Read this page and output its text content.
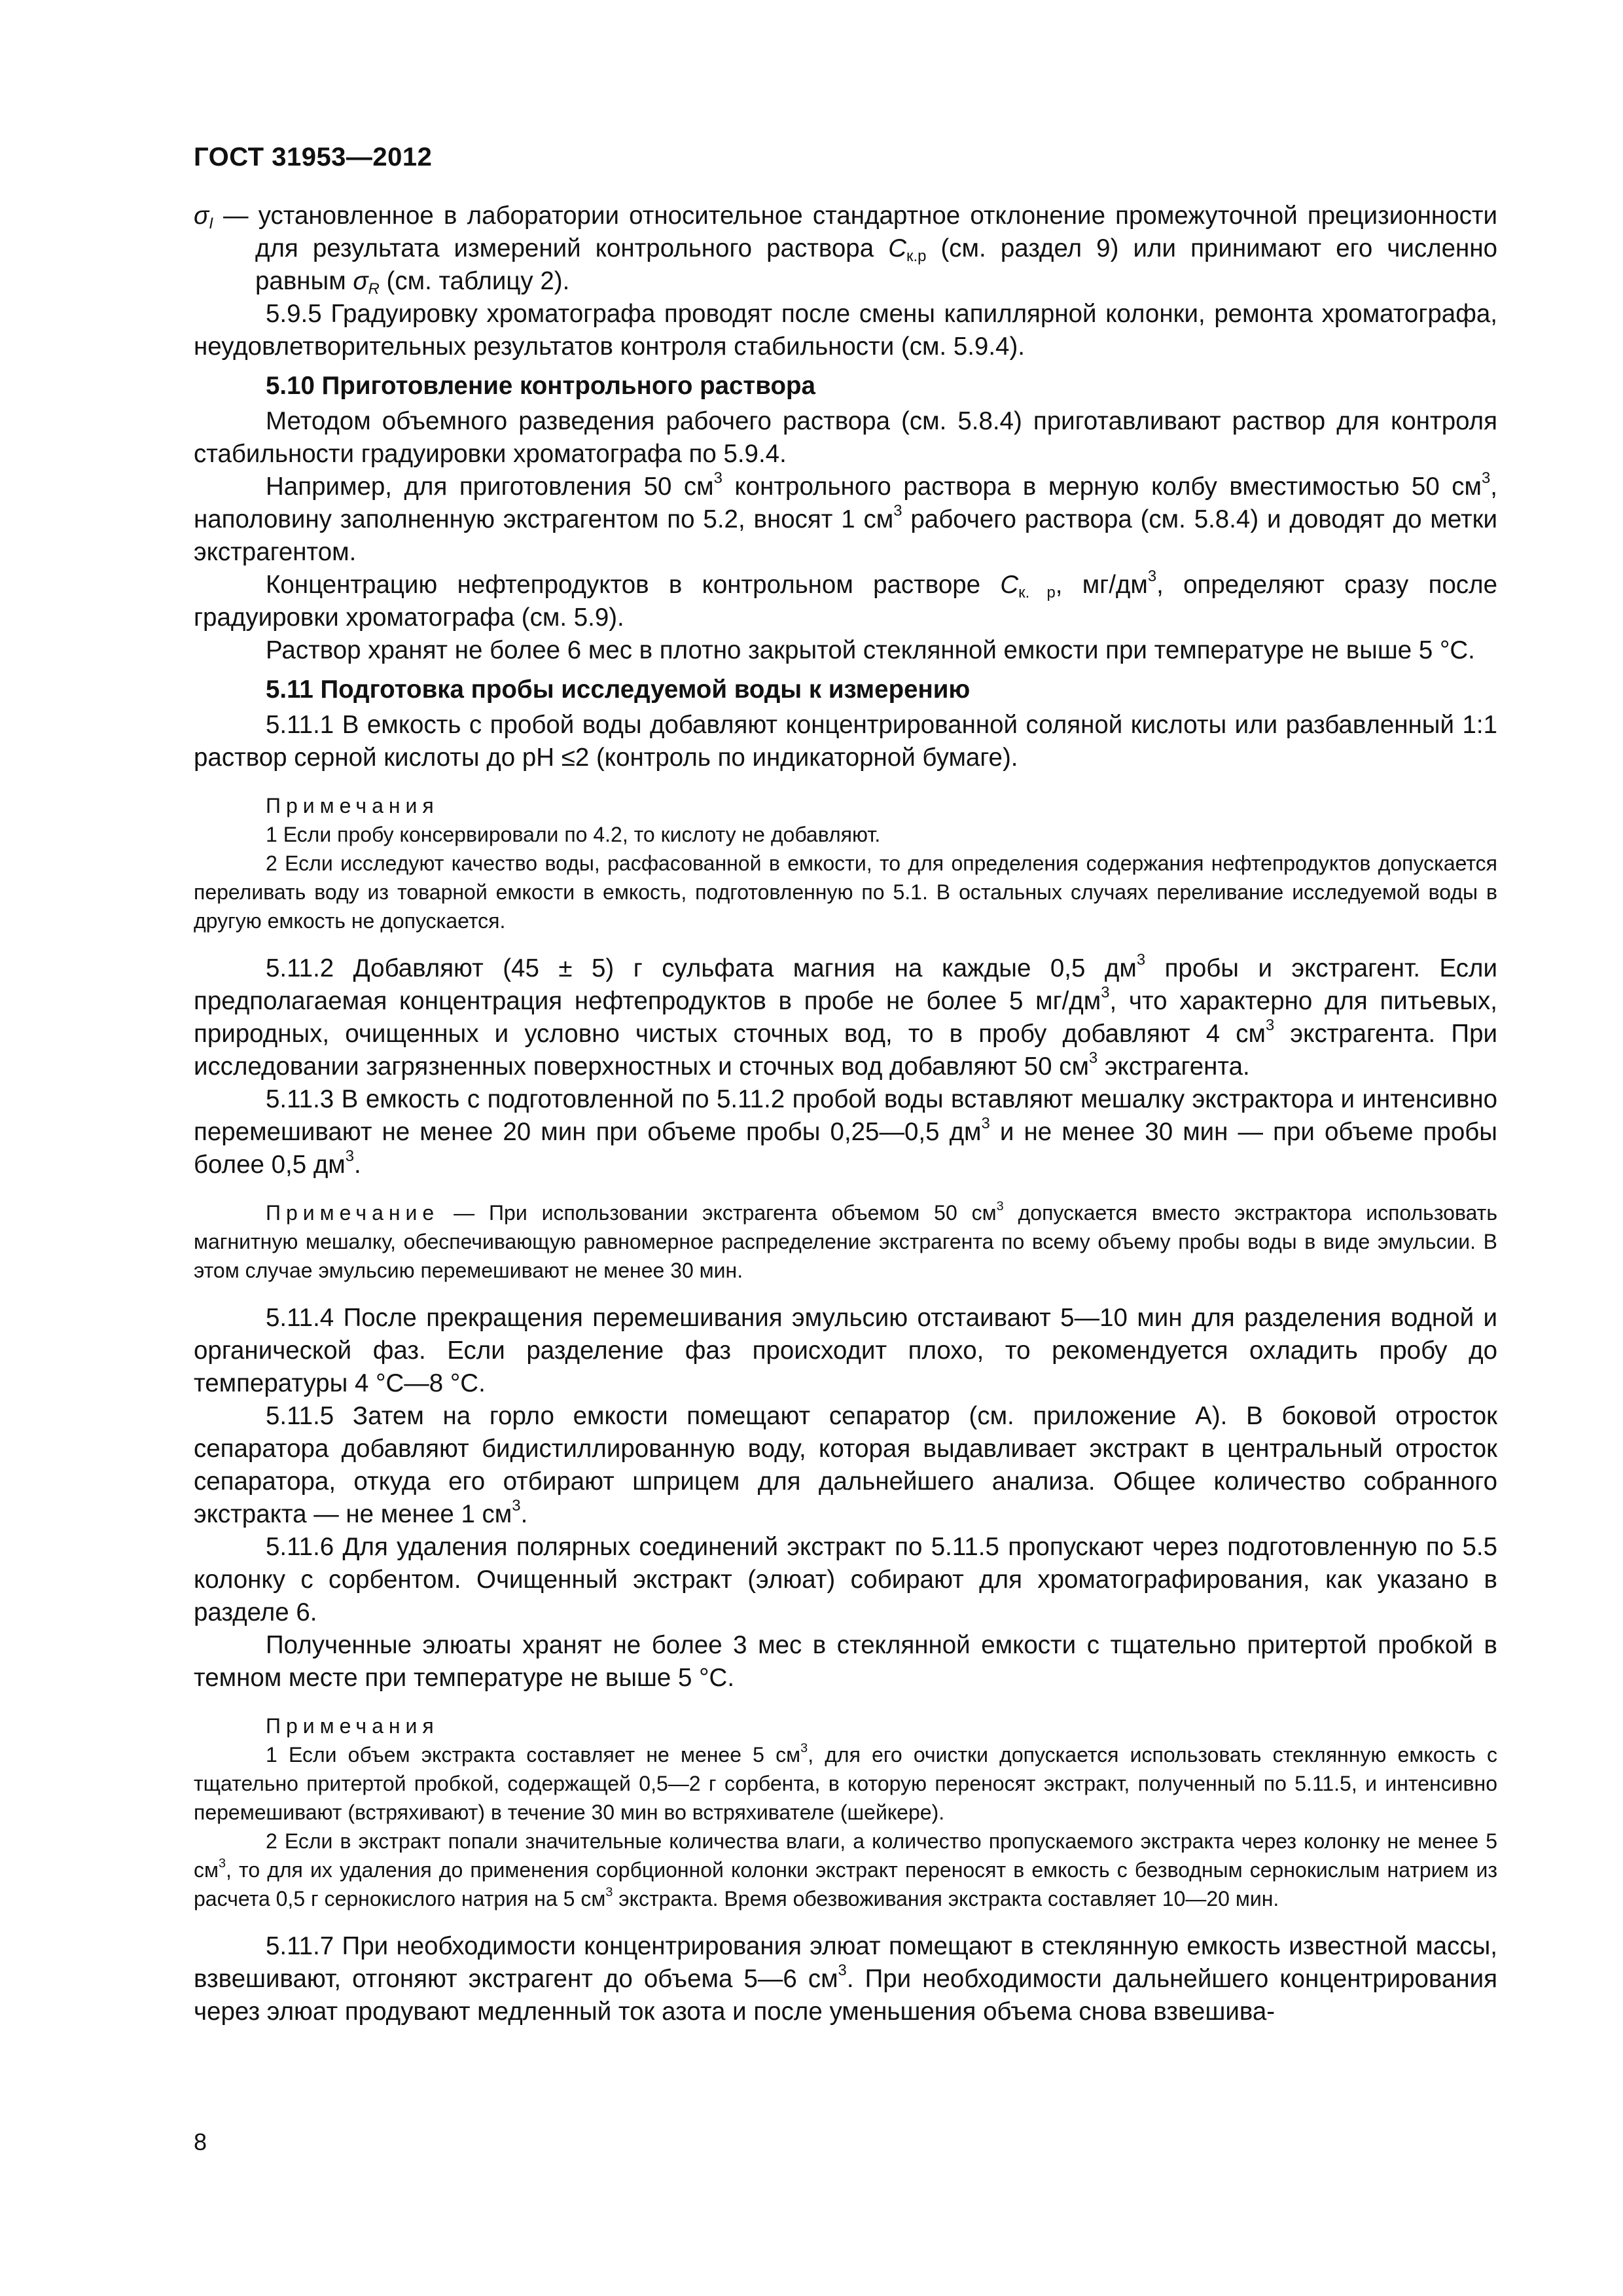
ГОСТ 31953—2012

$\sigma_I$ — установленное в лаборатории относительное стандартное отклонение промежуточной прецизионности для результата измерений контрольного раствора $С_{к.р}$ (см. раздел 9) или принимают его численно равным $\sigma_R$ (см. таблицу 2).

5.9.5 Градуировку хроматографа проводят после смены капиллярной колонки, ремонта хроматографа, неудовлетворительных результатов контроля стабильности (см. 5.9.4).

5.10 Приготовление контрольного раствора

Методом объемного разведения рабочего раствора (см. 5.8.4) приготавливают раствор для контроля стабильности градуировки хроматографа по 5.9.4.

Например, для приготовления 50 $см^3$ контрольного раствора в мерную колбу вместимостью 50 $см^3$, наполовину заполненную экстрагентом по 5.2, вносят 1 $см^3$ рабочего раствора (см. 5.8.4) и доводят до метки экстрагентом.

Концентрацию нефтепродуктов в контрольном растворе $С_{к. р}$, $мг/дм^3$, определяют сразу после градуировки хроматографа (см. 5.9).

Раствор хранят не более 6 мес в плотно закрытой стеклянной емкости при температуре не выше 5 °С.

5.11 Подготовка пробы исследуемой воды к измерению

5.11.1 В емкость с пробой воды добавляют концентрированной соляной кислоты или разбавленный 1:1 раствор серной кислоты до pH ≤2 (контроль по индикаторной бумаге).

Примечания

1 Если пробу консервировали по 4.2, то кислоту не добавляют.

2 Если исследуют качество воды, расфасованной в емкости, то для определения содержания нефтепродуктов допускается переливать воду из товарной емкости в емкость, подготовленную по 5.1. В остальных случаях переливание исследуемой воды в другую емкость не допускается.

5.11.2 Добавляют (45 ± 5) г сульфата магния на каждые 0,5 $дм^3$ пробы и экстрагент. Если предполагаемая концентрация нефтепродуктов в пробе не более 5 $мг/дм^3$, что характерно для питьевых, природных, очищенных и условно чистых сточных вод, то в пробу добавляют 4 $см^3$ экстрагента. При исследовании загрязненных поверхностных и сточных вод добавляют 50 $см^3$ экстрагента.

5.11.3 В емкость с подготовленной по 5.11.2 пробой воды вставляют мешалку экстрактора и интенсивно перемешивают не менее 20 мин при объеме пробы 0,25—0,5 $дм^3$ и не менее 30 мин — при объеме пробы более 0,5 $дм^3$.

Примечание — При использовании экстрагента объемом 50 $см^3$ допускается вместо экстрактора использовать магнитную мешалку, обеспечивающую равномерное распределение экстрагента по всему объему пробы воды в виде эмульсии. В этом случае эмульсию перемешивают не менее 30 мин.

5.11.4 После прекращения перемешивания эмульсию отстаивают 5—10 мин для разделения водной и органической фаз. Если разделение фаз происходит плохо, то рекомендуется охладить пробу до температуры 4 °С—8 °С.

5.11.5 Затем на горло емкости помещают сепаратор (см. приложение А). В боковой отросток сепаратора добавляют бидистиллированную воду, которая выдавливает экстракт в центральный отросток сепаратора, откуда его отбирают шприцем для дальнейшего анализа. Общее количество собранного экстракта — не менее 1 $см^3$.

5.11.6 Для удаления полярных соединений экстракт по 5.11.5 пропускают через подготовленную по 5.5 колонку с сорбентом. Очищенный экстракт (элюат) собирают для хроматографирования, как указано в разделе 6.

Полученные элюаты хранят не более 3 мес в стеклянной емкости с тщательно притертой пробкой в темном месте при температуре не выше 5 °С.

Примечания

1 Если объем экстракта составляет не менее 5 $см^3$, для его очистки допускается использовать стеклянную емкость с тщательно притертой пробкой, содержащей 0,5—2 г сорбента, в которую переносят экстракт, полученный по 5.11.5, и интенсивно перемешивают (встряхивают) в течение 30 мин во встряхивателе (шейкере).

2 Если в экстракт попали значительные количества влаги, а количество пропускаемого экстракта через колонку не менее 5 $см^3$, то для их удаления до применения сорбционной колонки экстракт переносят в емкость с безводным сернокислым натрием из расчета 0,5 г сернокислого натрия на 5 $см^3$ экстракта. Время обезвоживания экстракта составляет 10—20 мин.

5.11.7 При необходимости концентрирования элюат помещают в стеклянную емкость известной массы, взвешивают, отгоняют экстрагент до объема 5—6 $см^3$. При необходимости дальнейшего концентрирования через элюат продувают медленный ток азота и после уменьшения объема снова взвешива-

8
